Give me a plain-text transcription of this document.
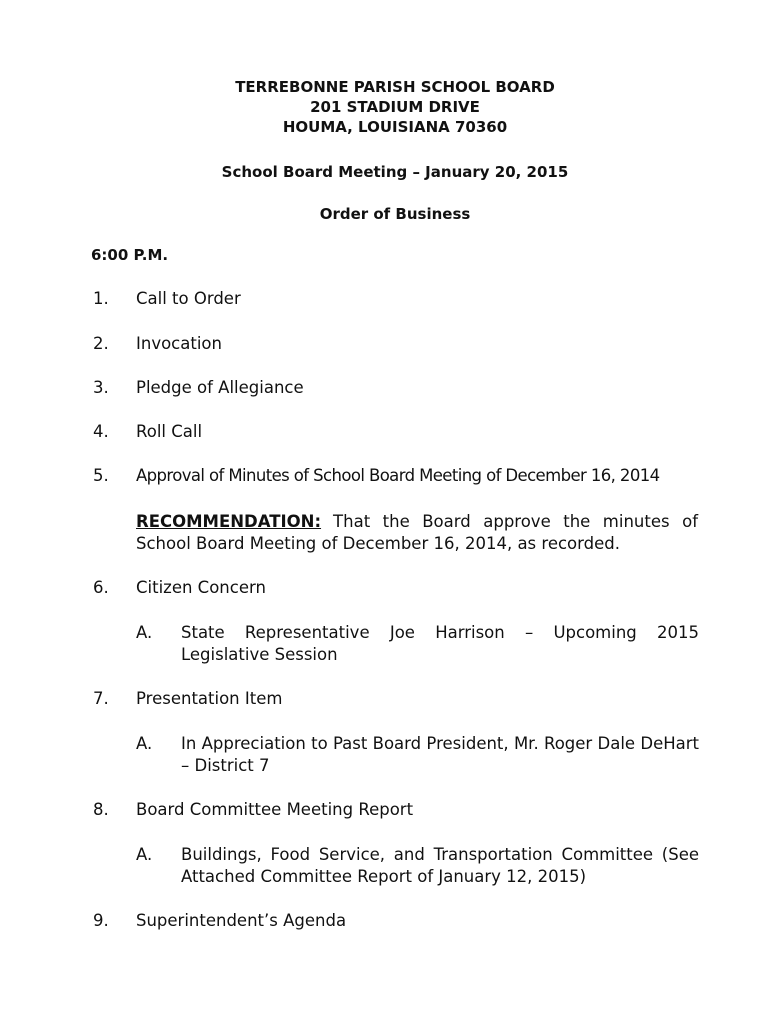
TERREBONNE PARISH SCHOOL BOARD
201 STADIUM DRIVE
HOUMA, LOUISIANA 70360
School Board Meeting – January 20, 2015
Order of Business
6:00 P.M.
1. Call to Order
2. Invocation
3. Pledge of Allegiance
4. Roll Call
5. Approval of Minutes of School Board Meeting of December 16, 2014
RECOMMENDATION: That the Board approve the minutes of School Board Meeting of December 16, 2014, as recorded.
6. Citizen Concern
A. State Representative Joe Harrison – Upcoming 2015 Legislative Session
7. Presentation Item
A. In Appreciation to Past Board President, Mr. Roger Dale DeHart – District 7
8. Board Committee Meeting Report
A. Buildings, Food Service, and Transportation Committee (See Attached Committee Report of January 12, 2015)
9. Superintendent’s Agenda
